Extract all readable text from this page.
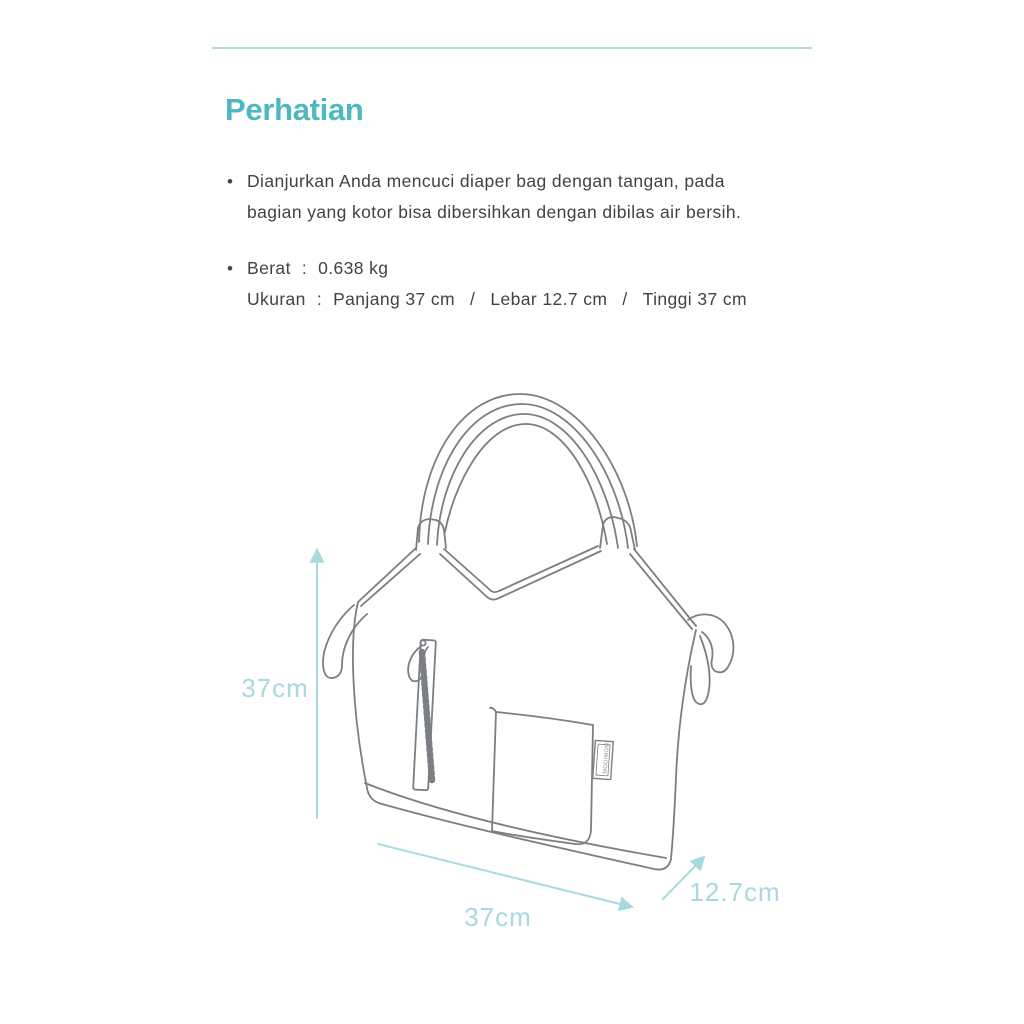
Perhatian
• Dianjurkan Anda mencuci diaper bag dengan tangan, pada
bagian yang kotor bisa dibersihkan dengan dibilas air bersih.
• Berat : 0.638 kg
Ukuran : Panjang 37 cm / Lebar 12.7 cm / Tinggi 37 cm
MOOIMOM
37cm
37cm
12.7cm
